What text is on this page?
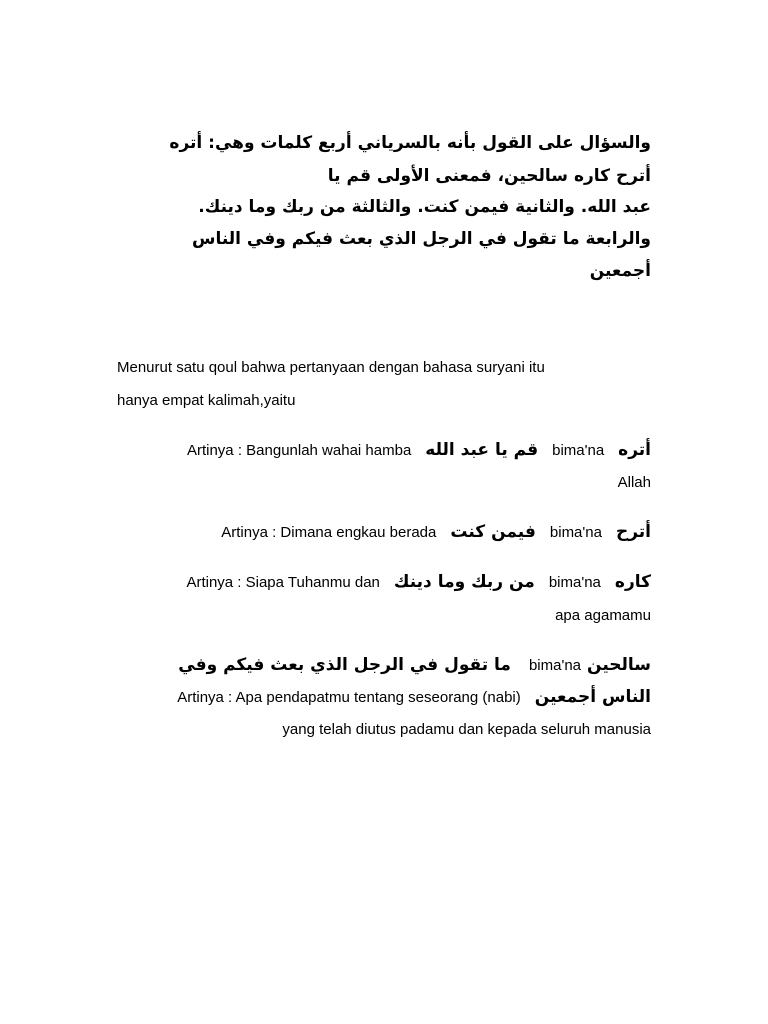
والسؤال على القول بأنه بالسرياني أربع كلمات وهي: أتره
أترح كاره سالحين، فمعنى الأولى قم يا
عبد الله. والثانية فيمن كنت. والثالثة من ربك وما دينك.
والرابعة ما تقول في الرجل الذي بعث فيكم وفي الناس
أجمعين
Menurut satu qoul bahwa pertanyaan dengan bahasa suryani itu
hanya empat kalimah,yaitu
Artinya : Bangunlah wahai hamba قم يا عبد الله bima'na أتره
Allah
Artinya : Dimana engkau berada فيمن كنت bima'na أترح
Artinya : Siapa Tuhanmu dan من ربك وما دينك bima'na كاره
apa agamamu
ما تقول في الرجل الذي بعث فيكم وفي bima'na سالحين
Artinya : Apa pendapatmu tentang seseorang (nabi) الناس أجمعين
yang telah diutus padamu dan kepada seluruh manusia
